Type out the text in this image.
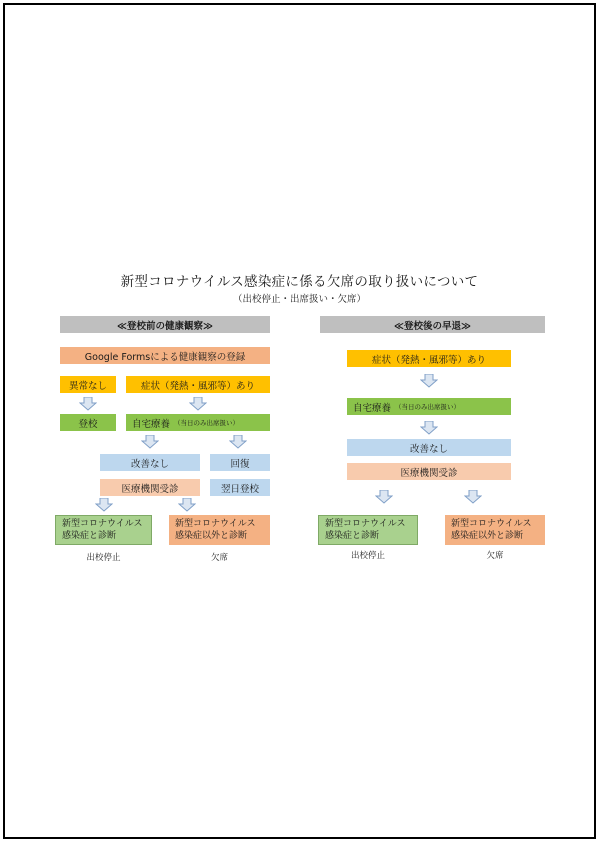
新型コロナウイルス感染症に係る欠席の取り扱いについて
（出校停止・出席扱い・欠席）
≪登校前の健康観察≫
Google Formsによる健康観察の登録
異常なし	症状（発熱・風邪等）あり
登校	自宅療養 （当日のみ出席扱い）
改善なし	回復
医療機関受診	翌日登校
新型コロナウイルス
感染症と診断
新型コロナウイルス
感染症以外と診断
出校停止	欠席
≪登校後の早退≫
症状（発熱・風邪等）あり
自宅療養 （当日のみ出席扱い）
改善なし
医療機関受診
新型コロナウイルス
感染症と診断
新型コロナウイルス
感染症以外と診断
出校停止	欠席
